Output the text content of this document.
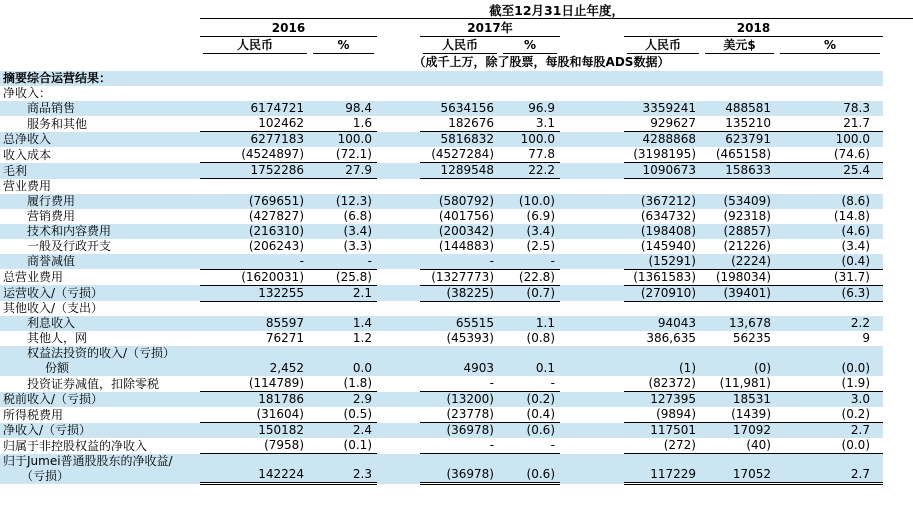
	截至12月31日止年度，									
	2016			2017年			2018			

	人民币	%		人民币	%		人民币	美元$	%	

	（成千上万，除了股票，每股和每股ADS数据）									

摘要综合运营结果：										

净收入：										

商品销售	6174721	98.4		5634156	96.9		3359241	488581	78.3	

服务和其他	102462	1.6		182676	3.1		929627	135210	21.7	

总净收入	6277183	100.0		5816832	100.0		4288868	623791	100.0	

收入成本	(4524897)	(72.1)		(4527284)	77.8		(3198195)	(465158)	(74.6)	

毛利	1752286	27.9		1289548	22.2		1090673	158633	25.4	

营业费用										

履行费用	(769651)	(12.3)		(580792)	(10.0)		(367212)	(53409)	(8.6)	

营销费用	(427827)	(6.8)		(401756)	(6.9)		(634732)	(92318)	(14.8)	

技术和内容费用	(216310)	(3.4)		(200342)	(3.4)		(198408)	(28857)	(4.6)	

一般及行政开支	(206243)	(3.3)		(144883)	(2.5)		(145940)	(21226)	(3.4)	

商誉减值	-	-		-	-		(15291)	(2224)	(0.4)	

总营业费用	(1620031)	(25.8)		(1327773)	(22.8)		(1361583)	(198034)	(31.7)	

运营收入/（亏损）	132255	2.1		(38225)	(0.7)		(270910)	(39401)	(6.3)	

其他收入/（支出）										

利息收入	85597	1.4		65515	1.1		94043	13,678	2.2	

其他人，网	76271	1.2		(45393)	(0.8)		386,635	56235	9	

权益法投资的收入/（亏损）
份额	2,452	0.0		4903	0.1		(1)	(0)	(0.0)	

投资证券减值，扣除零税	(114789)	(1.8)		-	-		(82372)	(11,981)	(1.9)	

税前收入/（亏损）	181786	2.9		(13200)	(0.2)		127395	18531	3.0	

所得税费用	(31604)	(0.5)		(23778)	(0.4)		(9894)	(1439)	(0.2)	

净收入/（亏损）	150182	2.4		(36978)	(0.6)		117501	17092	2.7	

归属于非控股权益的净收入	(7958)	(0.1)		-	-		(272)	(40)	(0.0)	

归于Jumei普通股股东的净收益/
（亏损）	142224	2.3		(36978)	(0.6)		117229	17052	2.7	
